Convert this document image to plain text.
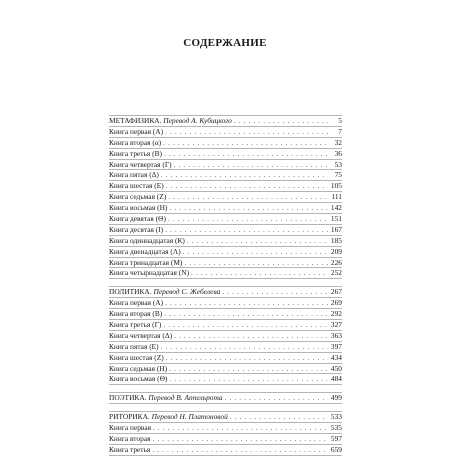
СОДЕРЖАНИЕ
МЕТАФИЗИКА. Перевод А. Кубицкого . . .	5
Книга первая (А) . . .	7
Книга вторая (α) . . .	32
Книга третья (В) . . .	36
Книга четвертая (Г) . . .	53
Книга пятая (Δ) . . .	75
Книга шестая (Е) . . .	105
Книга седьмая (Z) . . .	111
Книга восьмая (Н) . . .	142
Книга девятая (Θ) . . .	151
Книга десятая (I) . . .	167
Книга одиннадцатая (К) . . .	185
Книга двенадцатая (Λ) . . .	209
Книга тринадцатая (М) . . .	226
Книга четырнадцатая (N) . . .	252
ПОЛИТИКА. Перевод С. Жебелева . . .	267
Книга первая (А) . . .	269
Книга вторая (В) . . .	292
Книга третья (Г) . . .	327
Книга четвертая (Δ) . . .	363
Книга пятая (Е) . . .	397
Книга шестая (Z) . . .	434
Книга седьмая (Н) . . .	450
Книга восьмая (Θ) . . .	484
ПОЭТИКА. Перевод В. Аппельрота . . .	499
РИТОРИКА. Перевод Н. Платоновой . . .	533
Книга первая . . .	535
Книга вторая . . .	597
Книга третья . . .	659
